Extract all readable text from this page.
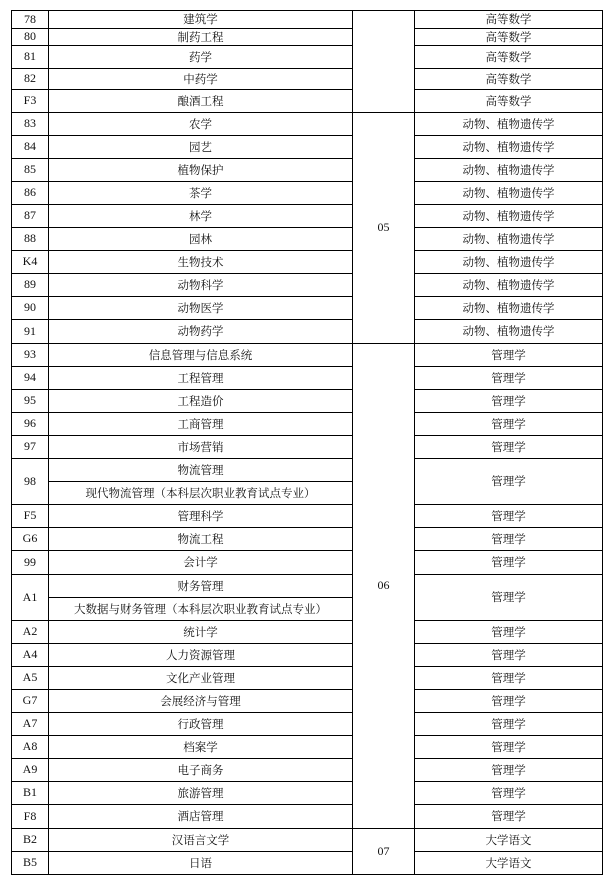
78	建筑学		高等数学
80	制药工程		高等数学
81	药学		高等数学
82	中药学		高等数学
F3	酿酒工程		高等数学
83	农学	05	动物、植物遗传学
84	园艺		动物、植物遗传学
85	植物保护		动物、植物遗传学
86	茶学		动物、植物遗传学
87	林学		动物、植物遗传学
88	园林		动物、植物遗传学
K4	生物技术		动物、植物遗传学
89	动物科学		动物、植物遗传学
90	动物医学		动物、植物遗传学
91	动物药学		动物、植物遗传学
93	信息管理与信息系统	06	管理学
94	工程管理		管理学
95	工程造价		管理学
96	工商管理		管理学
97	市场营销		管理学
98	物流管理		管理学
	现代物流管理（本科层次职业教育试点专业）		
F5	管理科学		管理学
G6	物流工程		管理学
99	会计学		管理学
A1	财务管理		管理学
	大数据与财务管理（本科层次职业教育试点专业）		
A2	统计学		管理学
A4	人力资源管理		管理学
A5	文化产业管理		管理学
G7	会展经济与管理		管理学
A7	行政管理		管理学
A8	档案学		管理学
A9	电子商务		管理学
B1	旅游管理		管理学
F8	酒店管理		管理学
B2	汉语言文学	07	大学语文
B5	日语		大学语文
